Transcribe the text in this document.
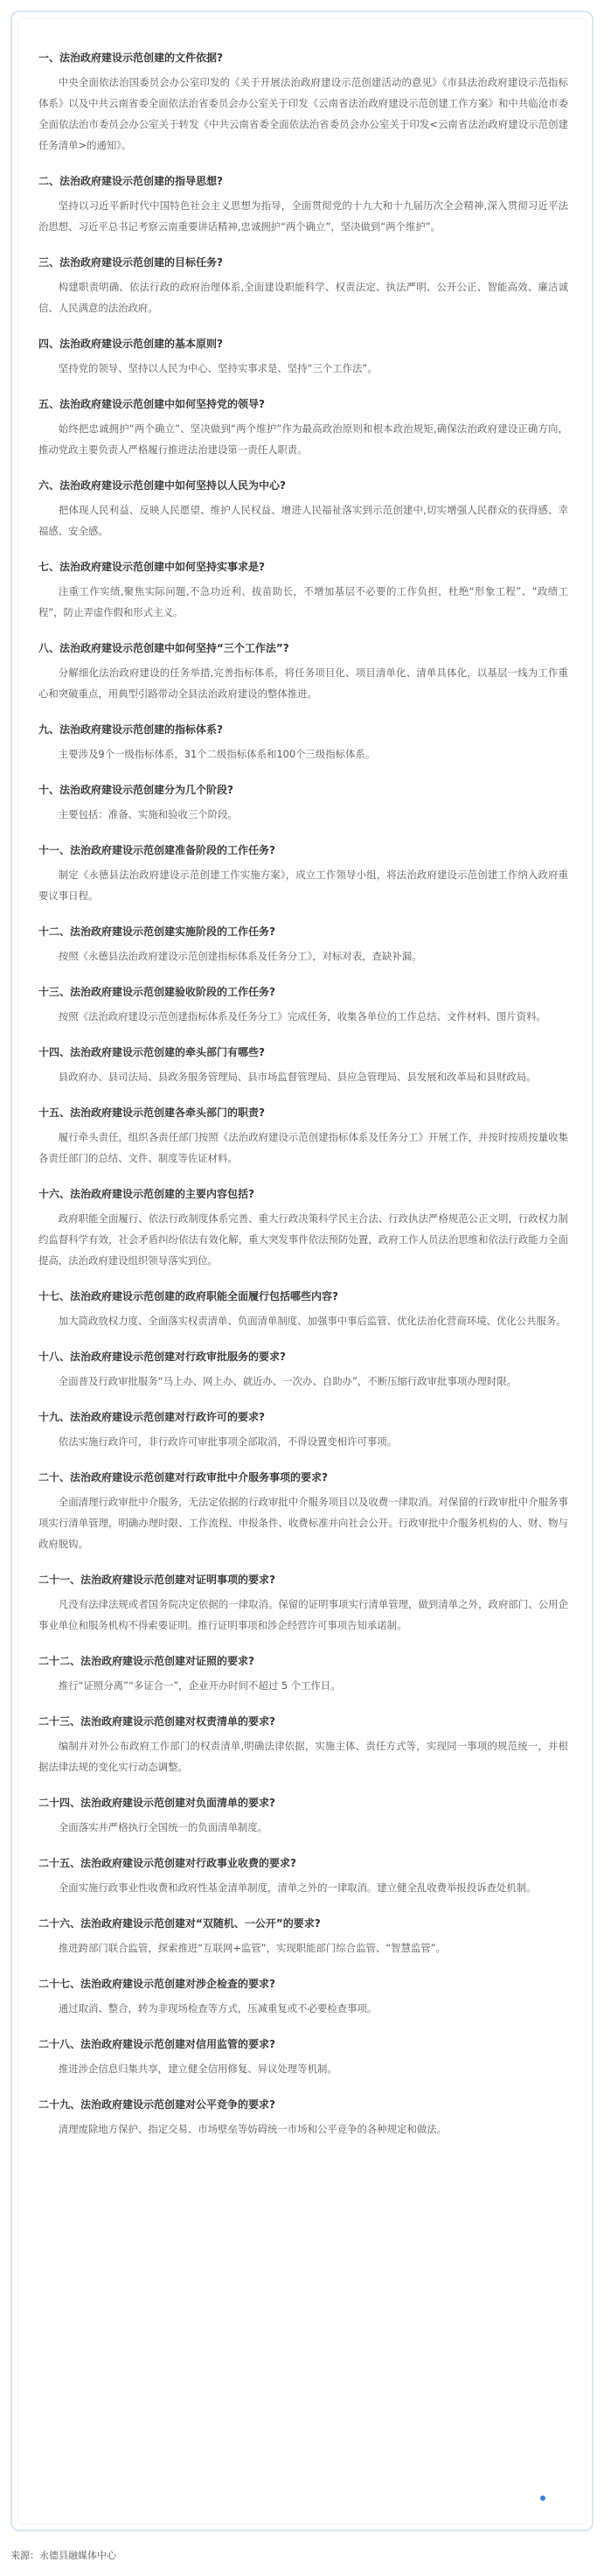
一、法治政府建设示范创建的文件依据?

中央全面依法治国委员会办公室印发的《关于开展法治政府建设示范创建活动的意见》《市县法治政府建设示范指标体系》以及中共云南省委全面依法治省委员会办公室关于印发《云南省法治政府建设示范创建工作方案》和中共临沧市委全面依法治市委员会办公室关于转发《中共云南省委全面依法治省委员会办公室关于印发<云南省法治政府建设示范创建任务清单>的通知》。

二、法治政府建设示范创建的指导思想?

坚持以习近平新时代中国特色社会主义思想为指导，全面贯彻党的十九大和十九届历次全会精神,深入贯彻习近平法治思想、习近平总书记考察云南重要讲话精神,忠诚拥护“两个确立”，坚决做到“两个维护”。

三、法治政府建设示范创建的目标任务?

构建职责明确、依法行政的政府治理体系,全面建设职能科学、权责法定、执法严明、公开公正、智能高效、廉洁诚信、人民满意的法治政府。

四、法治政府建设示范创建的基本原则?

坚持党的领导、坚持以人民为中心、坚持实事求是、坚持“三个工作法”。

五、法治政府建设示范创建中如何坚持党的领导?

始终把忠诚拥护“两个确立”、坚决做到“两个维护”作为最高政治原则和根本政治规矩,确保法治政府建设正确方向，推动党政主要负责人严格履行推进法治建设第一责任人职责。

六、法治政府建设示范创建中如何坚持以人民为中心?

把体现人民利益、反映人民愿望、维护人民权益、增进人民福祉落实到示范创建中,切实增强人民群众的获得感、幸福感、安全感。

七、法治政府建设示范创建中如何坚持实事求是?

注重工作实绩,聚焦实际问题,不急功近利、拔苗助长，不增加基层不必要的工作负担，杜绝“形象工程”、“政绩工程”，防止弄虚作假和形式主义。

八、法治政府建设示范创建中如何坚持“三个工作法”?

分解细化法治政府建设的任务举措,完善指标体系，将任务项目化、项目清单化、清单具体化，以基层一线为工作重心和突破重点，用典型引路带动全县法治政府建设的整体推进。

九、法治政府建设示范创建的指标体系?

主要涉及9个一级指标体系，31个二级指标体系和100个三级指标体系。

十、法治政府建设示范创建分为几个阶段?

主要包括：准备、实施和验收三个阶段。

十一、法治政府建设示范创建准备阶段的工作任务?

制定《永德县法治政府建设示范创建工作实施方案》，成立工作领导小组，将法治政府建设示范创建工作纳入政府重要议事日程。

十二、法治政府建设示范创建实施阶段的工作任务?

按照《永德县法治政府建设示范创建指标体系及任务分工》，对标对表，查缺补漏。

十三、法治政府建设示范创建验收阶段的工作任务?

按照《法治政府建设示范创建指标体系及任务分工》完成任务，收集各单位的工作总结、文件材料、图片资料。

十四、法治政府建设示范创建的牵头部门有哪些?

县政府办、县司法局、县政务服务管理局、县市场监督管理局、县应急管理局、县发展和改革局和县财政局。

十五、法治政府建设示范创建各牵头部门的职责?

履行牵头责任，组织各责任部门按照《法治政府建设示范创建指标体系及任务分工》开展工作，并按时按质按量收集各责任部门的总结、文件、制度等佐证材料。

十六、法治政府建设示范创建的主要内容包括?

政府职能全面履行、依法行政制度体系完善、重大行政决策科学民主合法、行政执法严格规范公正文明，行政权力制约监督科学有效，社会矛盾纠纷依法有效化解，重大突发事件依法预防处置，政府工作人员法治思维和依法行政能力全面提高，法治政府建设组织领导落实到位。

十七、法治政府建设示范创建的政府职能全面履行包括哪些内容?

加大简政放权力度、全面落实权责清单、负面清单制度、加强事中事后监管、优化法治化营商环境、优化公共服务。

十八、法治政府建设示范创建对行政审批服务的要求?

全面普及行政审批服务“马上办、网上办、就近办、一次办、自助办”，不断压缩行政审批事项办理时限。

十九、法治政府建设示范创建对行政许可的要求?

依法实施行政许可，非行政许可审批事项全部取消，不得设置变相许可事项。

二十、法治政府建设示范创建对行政审批中介服务事项的要求?

全面清理行政审批中介服务，无法定依据的行政审批中介服务项目以及收费一律取消。对保留的行政审批中介服务事项实行清单管理，明确办理时限、工作流程、申报条件、收费标准并向社会公开。行政审批中介服务机构的人、财、物与政府脱钩。

二十一、法治政府建设示范创建对证明事项的要求?

凡没有法律法规或者国务院决定依据的一律取消。保留的证明事项实行清单管理，做到清单之外，政府部门、公用企事业单位和服务机构不得索要证明。推行证明事项和涉企经营许可事项告知承诺制。

二十二、法治政府建设示范创建对证照的要求?

推行“证照分离”“多证合一”，企业开办时间不超过 5 个工作日。

二十三、法治政府建设示范创建对权责清单的要求?

编制并对外公布政府工作部门的权责清单,明确法律依据，实施主体、责任方式等，实现同一事项的规范统一，并根据法律法规的变化实行动态调整。

二十四、法治政府建设示范创建对负面清单的要求?

全面落实并严格执行全国统一的负面清单制度。

二十五、法治政府建设示范创建对行政事业收费的要求?

全面实施行政事业性收费和政府性基金清单制度，清单之外的一律取消。建立健全乱收费举报投诉查处机制。

二十六、法治政府建设示范创建对“双随机、一公开”的要求?

推进跨部门联合监管，探索推进“互联网+监管”，实现职能部门综合监管、“智慧监管”。

二十七、法治政府建设示范创建对涉企检查的要求?

通过取消、整合，转为非现场检查等方式，压减重复或不必要检查事项。

二十八、法治政府建设示范创建对信用监管的要求?

推进涉企信息归集共享，建立健全信用修复、异议处理等机制。

二十九、法治政府建设示范创建对公平竞争的要求?

清理废除地方保护、指定交易、市场壁垒等妨碍统一市场和公平竞争的各种规定和做法。

来源：永德县融媒体中心
